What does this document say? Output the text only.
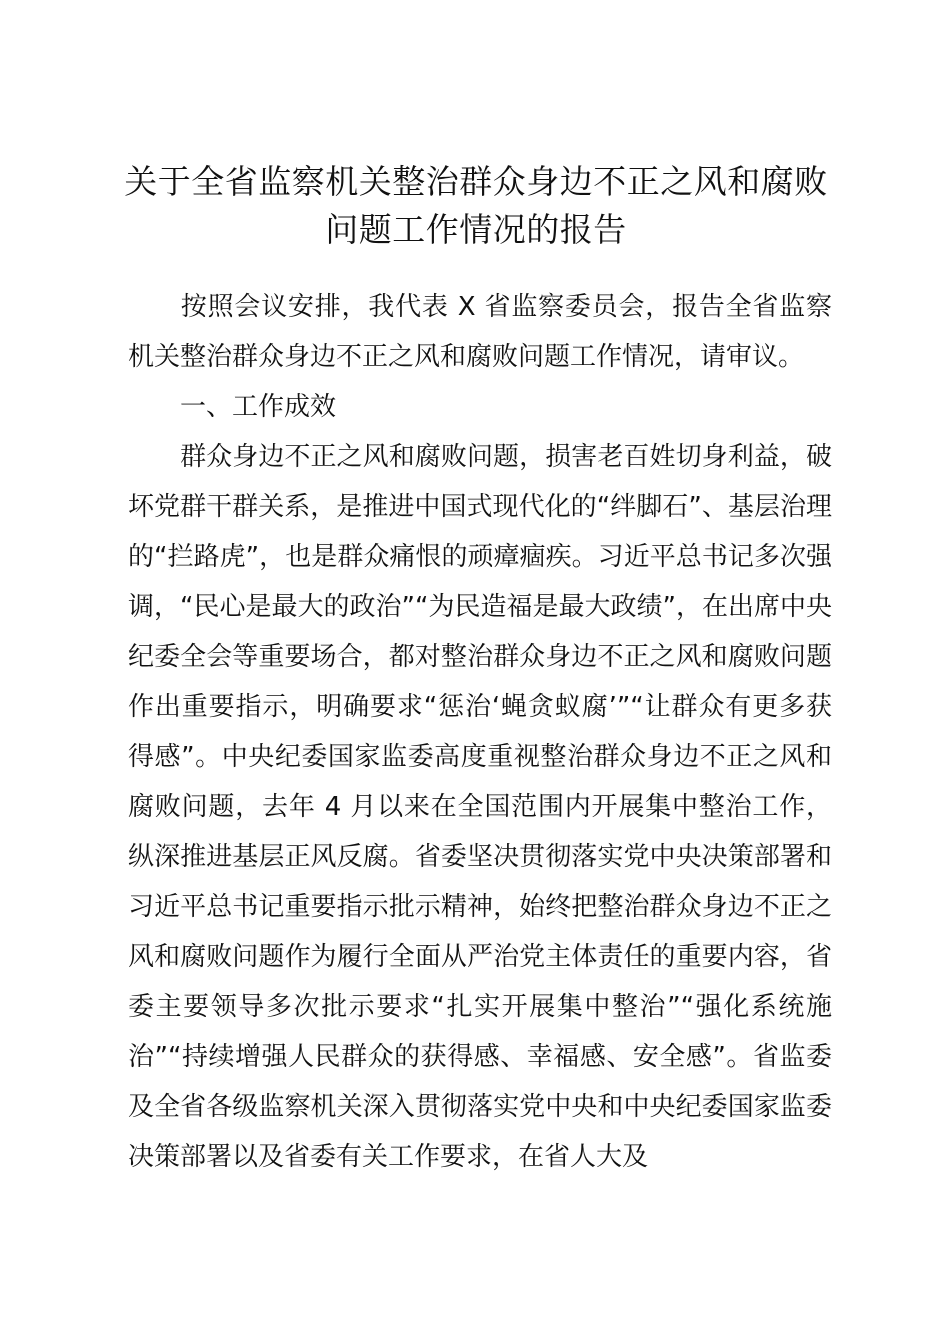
关于全省监察机关整治群众身边不正之风和腐败问题工作情况的报告

按照会议安排，我代表 X 省监察委员会，报告全省监察机关整治群众身边不正之风和腐败问题工作情况，请审议。

一、工作成效

群众身边不正之风和腐败问题，损害老百姓切身利益，破坏党群干群关系，是推进中国式现代化的“绊脚石”、基层治理的“拦路虎”，也是群众痛恨的顽瘴痼疾。习近平总书记多次强调，“民心是最大的政治”“为民造福是最大政绩”，在出席中央纪委全会等重要场合，都对整治群众身边不正之风和腐败问题作出重要指示，明确要求“惩治‘蝇贪蚁腐’”“让群众有更多获得感”。中央纪委国家监委高度重视整治群众身边不正之风和腐败问题，去年 4 月以来在全国范围内开展集中整治工作，纵深推进基层正风反腐。省委坚决贯彻落实党中央决策部署和习近平总书记重要指示批示精神，始终把整治群众身边不正之风和腐败问题作为履行全面从严治党主体责任的重要内容，省委主要领导多次批示要求“扎实开展集中整治”“强化系统施治”“持续增强人民群众的获得感、幸福感、安全感”。省监委及全省各级监察机关深入贯彻落实党中央和中央纪委国家监委决策部署以及省委有关工作要求，在省人大及
